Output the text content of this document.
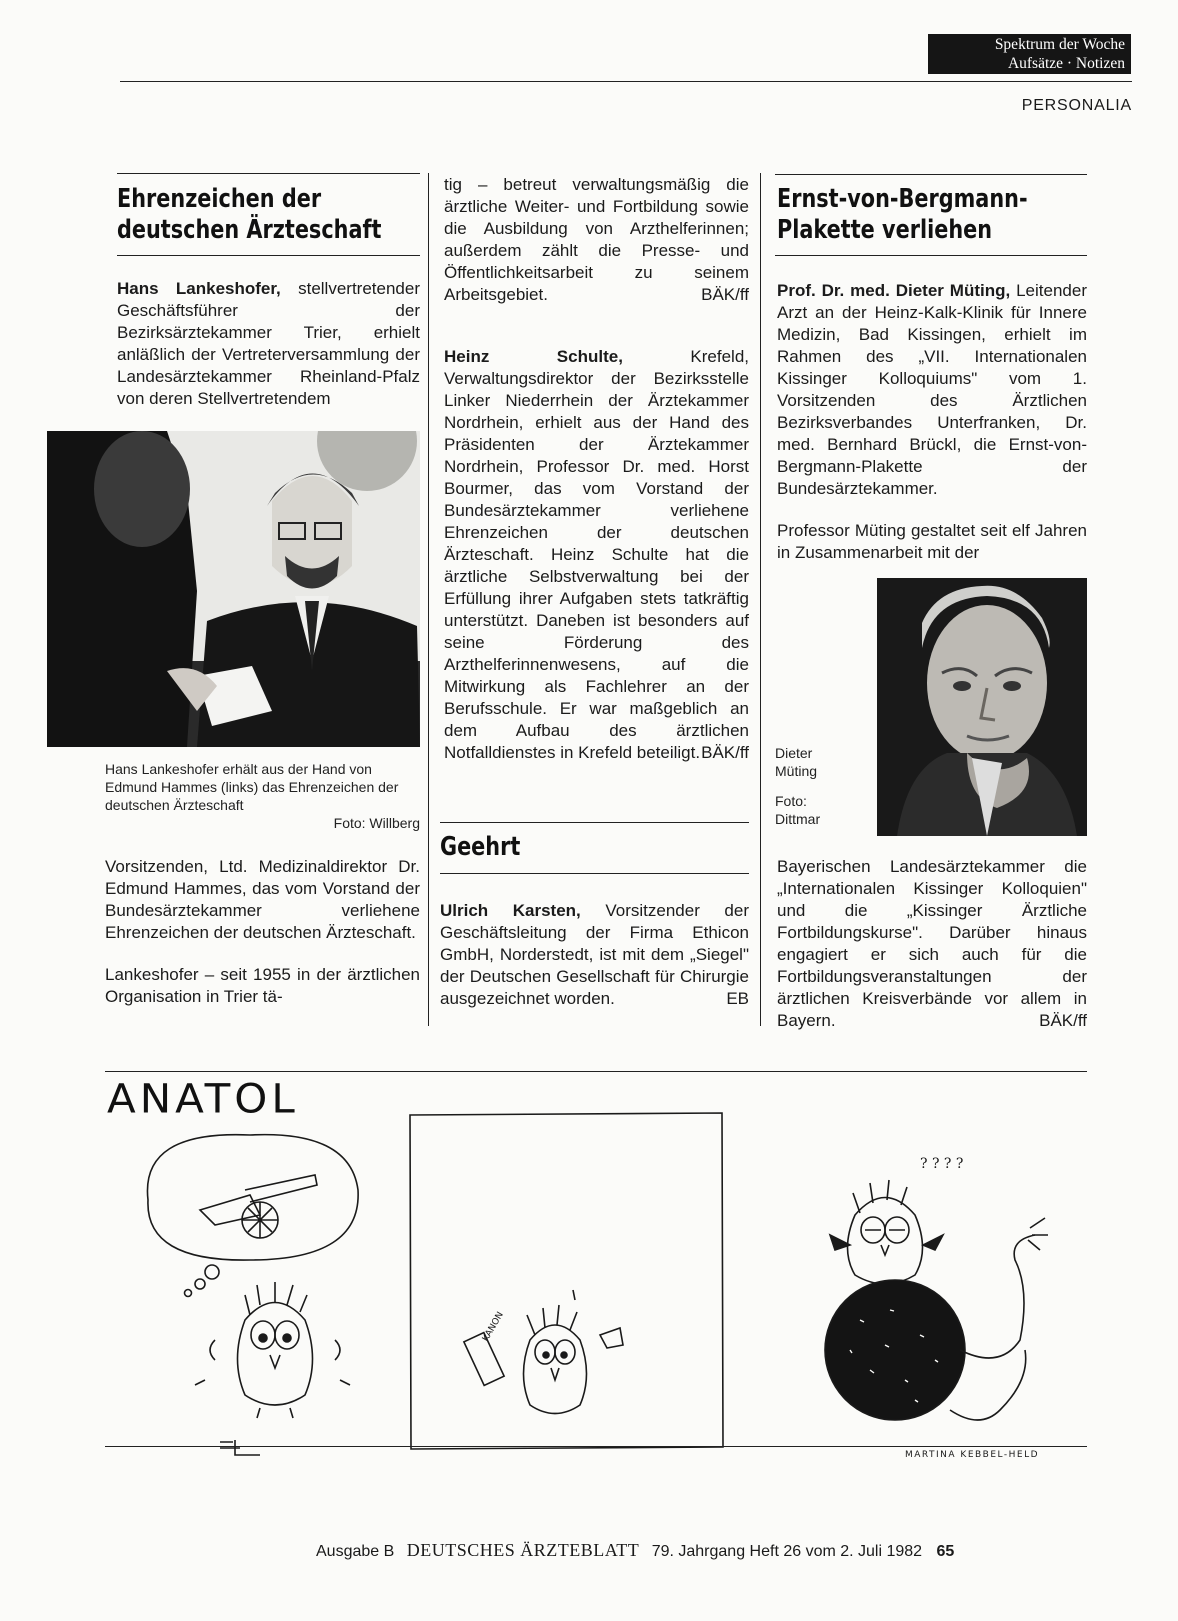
Spektrum der Woche
Aufsätze · Notizen
PERSONALIA
Ehrenzeichen der
deutschen Ärzteschaft

Hans Lankeshofer, stellvertretender Geschäftsführer der Bezirksärztekammer Trier, erhielt anläßlich der Vertreterversammlung der Landesärztekammer Rheinland-Pfalz von deren Stellvertretendem

Hans Lankeshofer erhält aus der Hand von Edmund Hammes (links) das Ehrenzeichen der deutschen Ärzteschaft
Foto: Willberg

Vorsitzenden, Ltd. Medizinaldirektor Dr. Edmund Hammes, das vom Vorstand der Bundesärztekammer verliehene Ehrenzeichen der deutschen Ärzteschaft.

Lankeshofer – seit 1955 in der ärztlichen Organisation in Trier tä-

tig – betreut verwaltungsmäßig die ärztliche Weiter- und Fortbildung sowie die Ausbildung von Arzthelferinnen; außerdem zählt die Presse- und Öffentlichkeitsarbeit zu seinem Arbeitsgebiet.	BÄK/ff

Heinz Schulte, Krefeld, Verwaltungsdirektor der Bezirksstelle Linker Niederrhein der Ärztekammer Nordrhein, erhielt aus der Hand des Präsidenten der Ärztekammer Nordrhein, Professor Dr. med. Horst Bourmer, das vom Vorstand der Bundesärztekammer verliehene Ehrenzeichen der deutschen Ärzteschaft. Heinz Schulte hat die ärztliche Selbstverwaltung bei der Erfüllung ihrer Aufgaben stets tatkräftig unterstützt. Daneben ist besonders auf seine Förderung des Arzthelferinnenwesens, auf die Mitwirkung als Fachlehrer an der Berufsschule. Er war maßgeblich an dem Aufbau des ärztlichen Notfalldienstes in Krefeld beteiligt. BÄK/ff

Geehrt

Ulrich Karsten, Vorsitzender der Geschäftsleitung der Firma Ethicon GmbH, Norderstedt, ist mit dem „Siegel" der Deutschen Gesellschaft für Chirurgie ausgezeichnet worden.	EB

Ernst-von-Bergmann-
Plakette verliehen

Prof. Dr. med. Dieter Müting, Leitender Arzt an der Heinz-Kalk-Klinik für Innere Medizin, Bad Kissingen, erhielt im Rahmen des „VII. Internationalen Kissinger Kolloquiums" vom 1. Vorsitzenden des Ärztlichen Bezirksverbandes Unterfranken, Dr. med. Bernhard Brückl, die Ernst-von-Bergmann-Plakette der Bundesärztekammer.

Professor Müting gestaltet seit elf Jahren in Zusammenarbeit mit der

Dieter
Müting
Foto:
Dittmar

Bayerischen Landesärztekammer die „Internationalen Kissinger Kolloquien" und die „Kissinger Ärztliche Fortbildungskurse". Darüber hinaus engagiert er sich auch für die Fortbildungsveranstaltungen der ärztlichen Kreisverbände vor allem in Bayern.	BÄK/ff

ANATOL
KANON
? ? ? ?
MARTINA KEBBEL-HELD
Ausgabe B DEUTSCHES ÄRZTEBLATT 79. Jahrgang Heft 26 vom 2. Juli 1982 65
